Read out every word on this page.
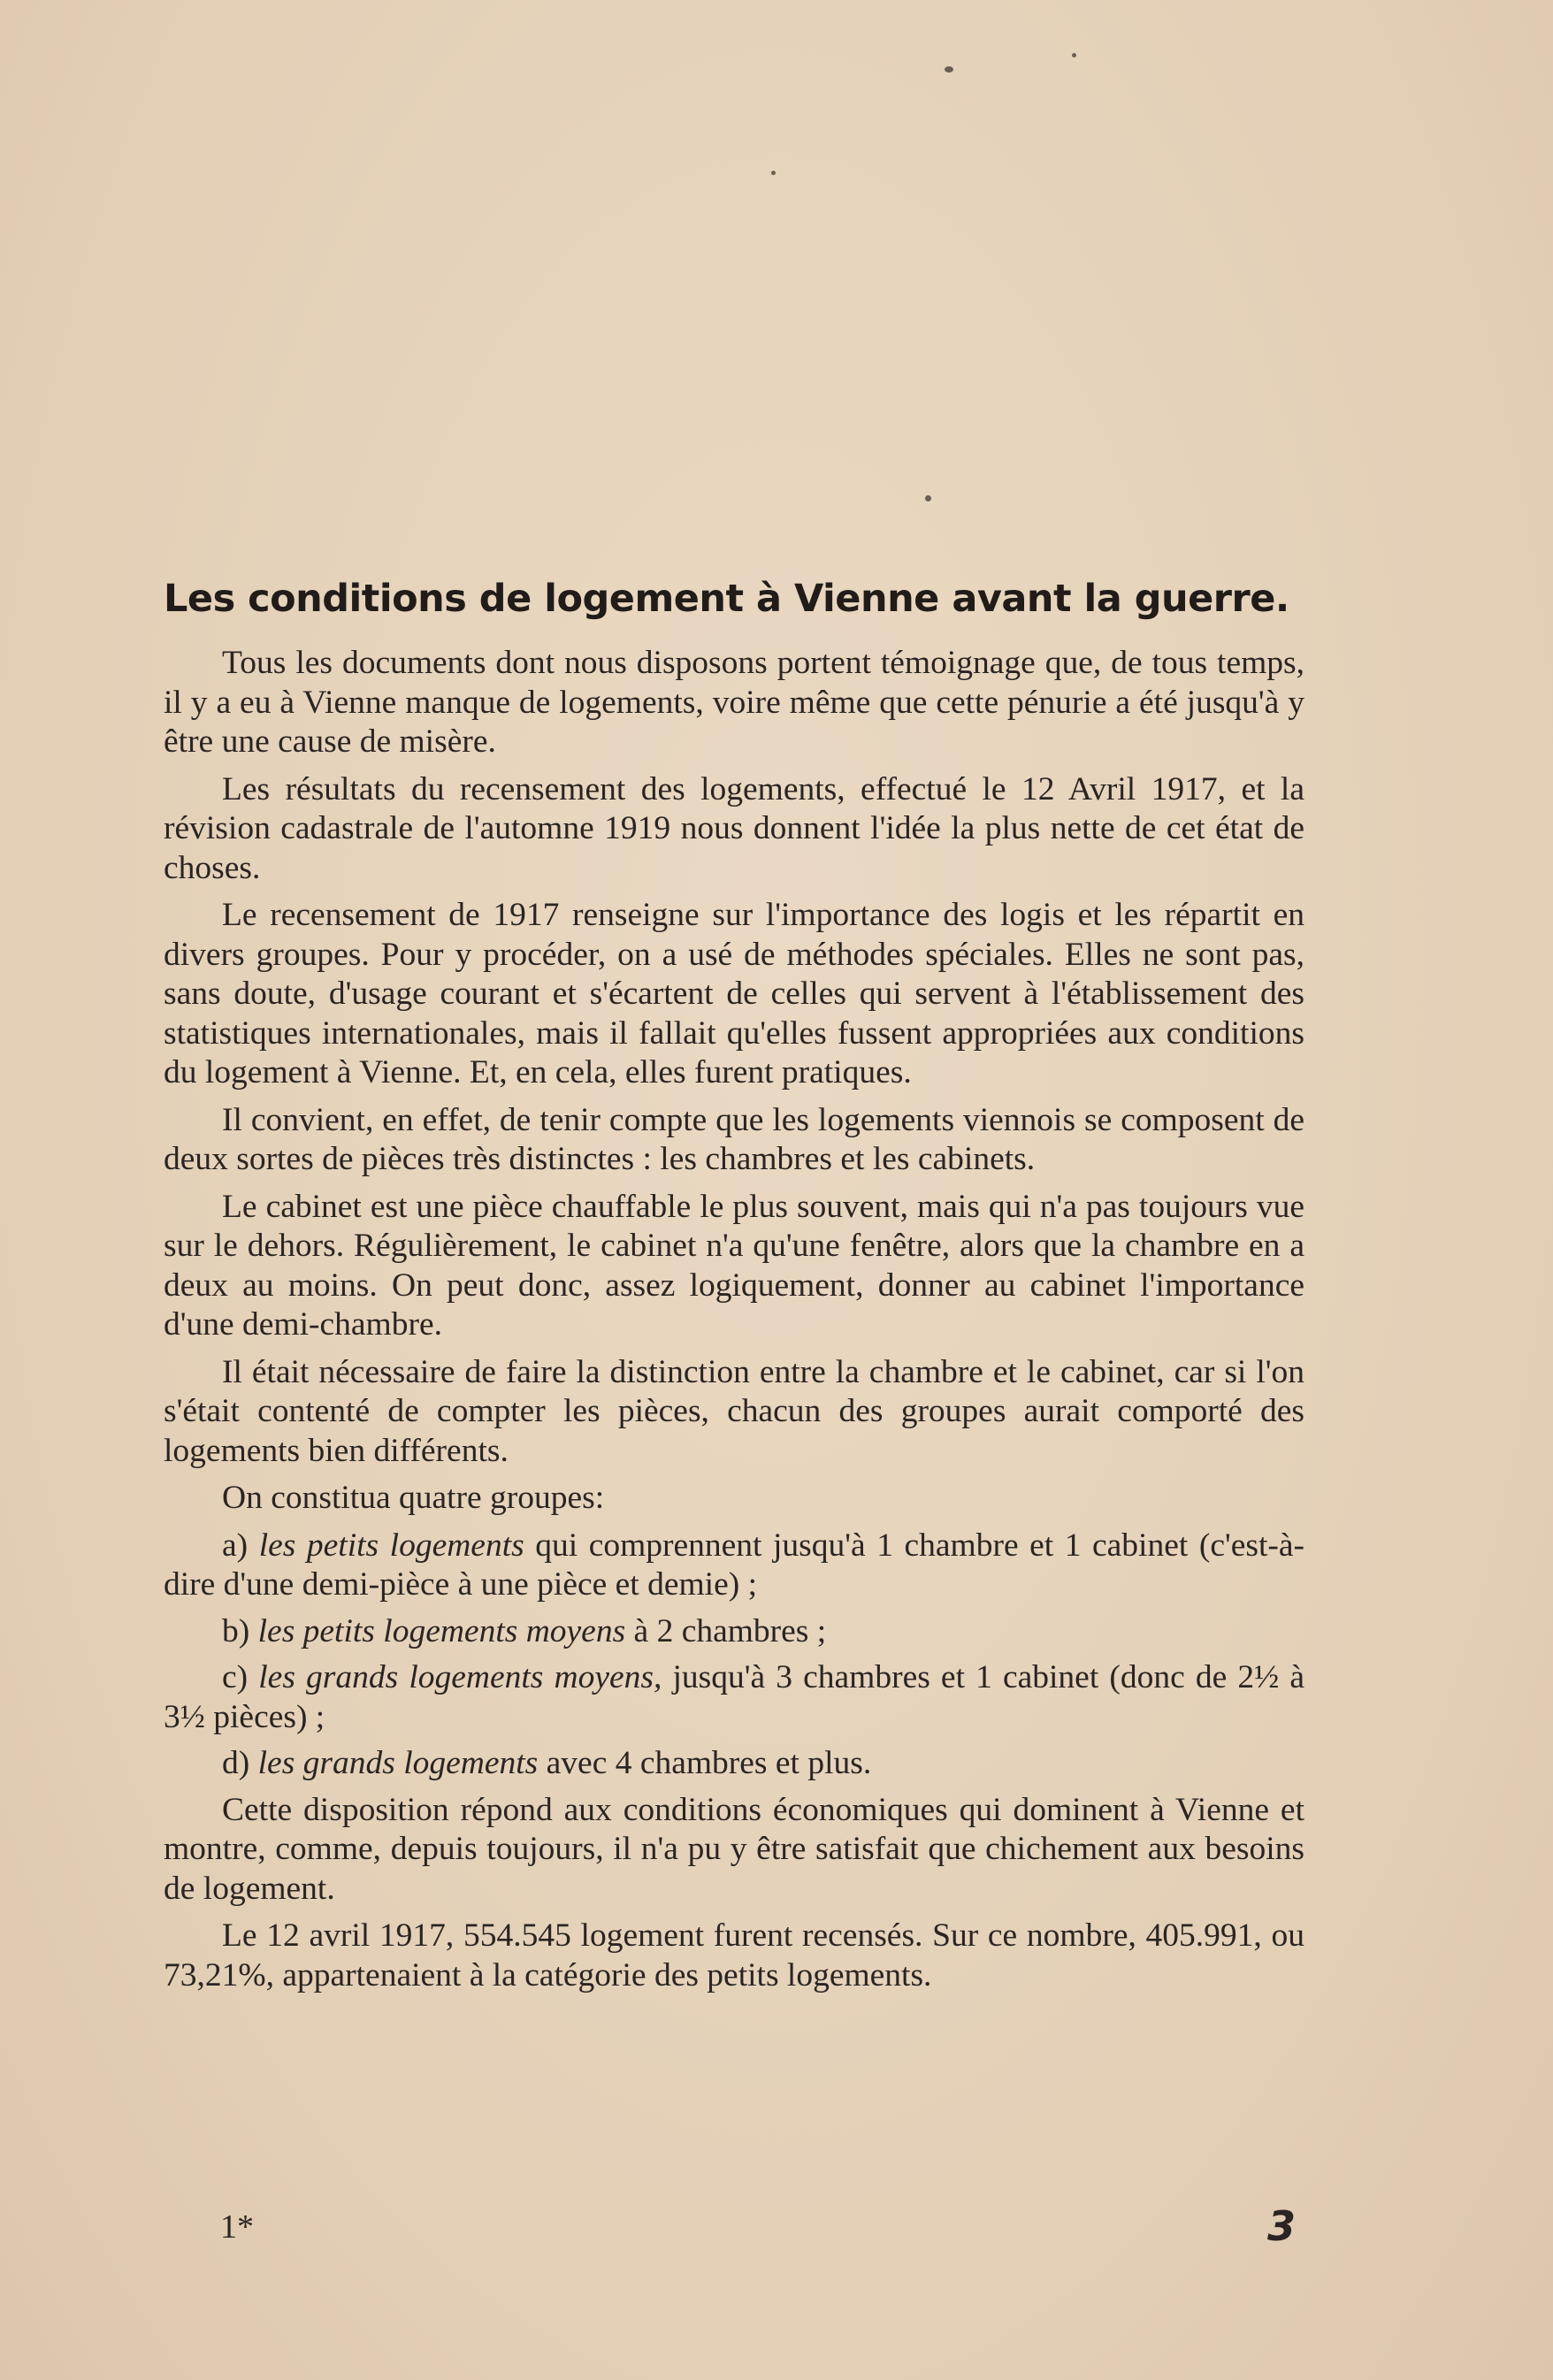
Les conditions de logement à Vienne avant la guerre.

Tous les documents dont nous disposons portent témoignage que, de tous temps, il y a eu à Vienne manque de logements, voire même que cette pénurie a été jusqu'à y être une cause de misère.

Les résultats du recensement des logements, effectué le 12 Avril 1917, et la révision cadastrale de l'automne 1919 nous donnent l'idée la plus nette de cet état de choses.

Le recensement de 1917 renseigne sur l'importance des logis et les répartit en divers groupes. Pour y procéder, on a usé de méthodes spéciales. Elles ne sont pas, sans doute, d'usage courant et s'écartent de celles qui servent à l'établissement des statistiques internationales, mais il fallait qu'elles fussent appropriées aux conditions du logement à Vienne. Et, en cela, elles furent pratiques.

Il convient, en effet, de tenir compte que les logements viennois se composent de deux sortes de pièces très distinctes : les chambres et les cabinets.

Le cabinet est une pièce chauffable le plus souvent, mais qui n'a pas toujours vue sur le dehors. Régulièrement, le cabinet n'a qu'une fenêtre, alors que la chambre en a deux au moins. On peut donc, assez logiquement, donner au cabinet l'importance d'une demi-chambre.

Il était nécessaire de faire la distinction entre la chambre et le cabinet, car si l'on s'était contenté de compter les pièces, chacun des groupes aurait comporté des logements bien différents.

On constitua quatre groupes:

a) les petits logements qui comprennent jusqu'à 1 chambre et 1 cabinet (c'est-à-dire d'une demi-pièce à une pièce et demie) ;

b) les petits logements moyens à 2 chambres ;

c) les grands logements moyens, jusqu'à 3 chambres et 1 cabinet (donc de 2½ à 3½ pièces) ;

d) les grands logements avec 4 chambres et plus.

Cette disposition répond aux conditions économiques qui dominent à Vienne et montre, comme, depuis toujours, il n'a pu y être satisfait que chichement aux besoins de logement.

Le 12 avril 1917, 554.545 logement furent recensés. Sur ce nombre, 405.991, ou 73,21%, appartenaient à la catégorie des petits logements.

1*	3
